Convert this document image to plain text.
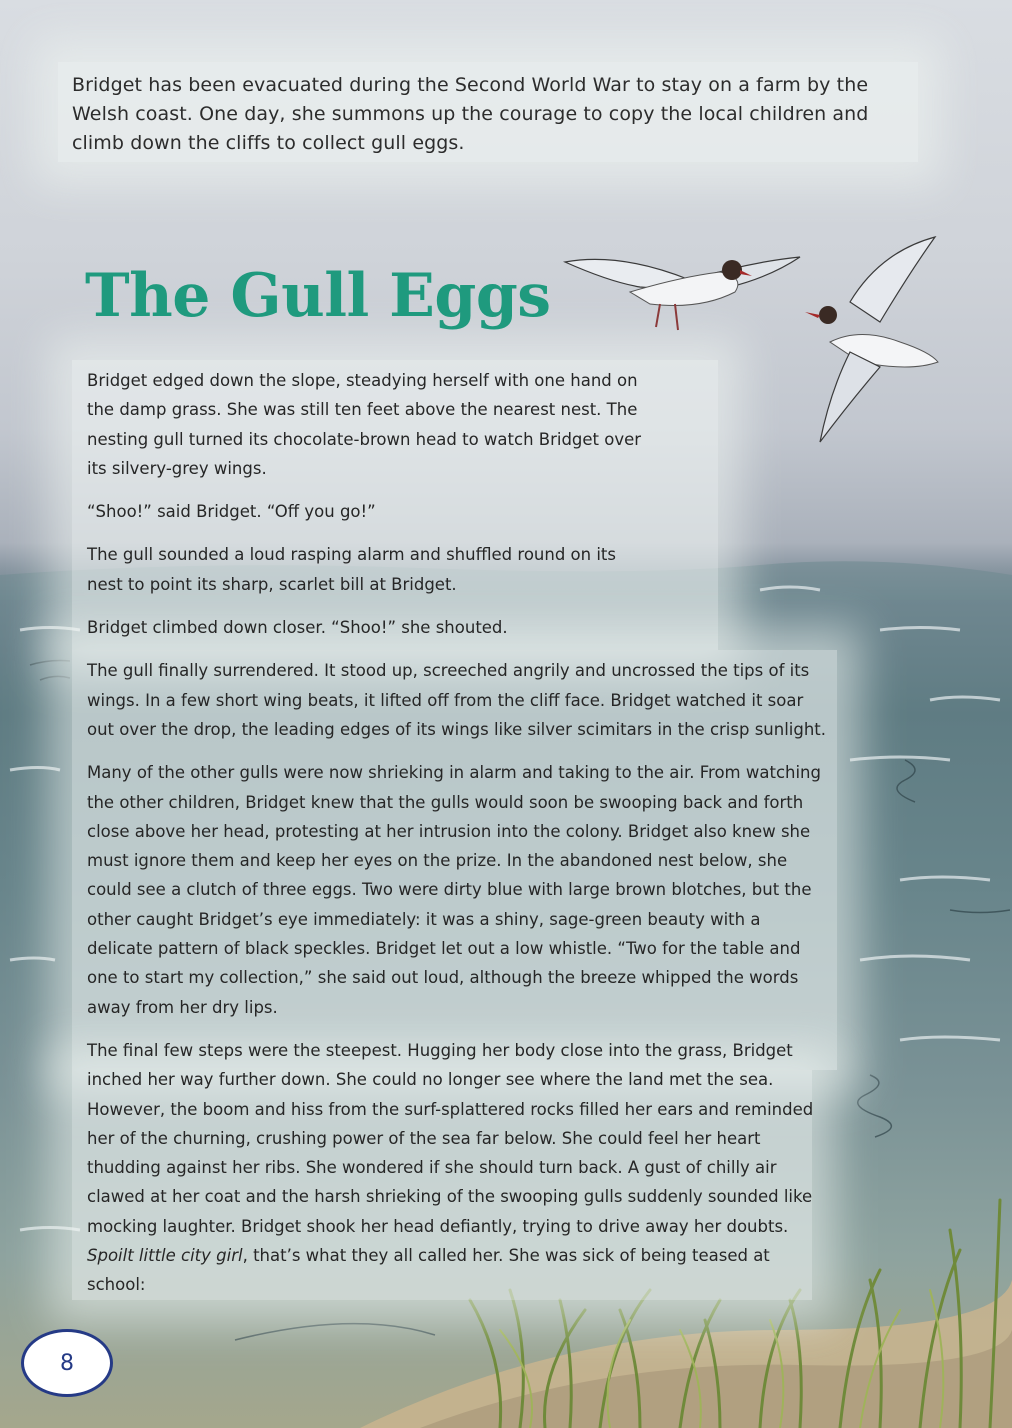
Bridget has been evacuated during the Second World War to stay on a farm by the Welsh coast. One day, she summons up the courage to copy the local children and climb down the cliffs to collect gull eggs.

The Gull Eggs

Bridget edged down the slope, steadying herself with one hand on the damp grass. She was still ten feet above the nearest nest. The nesting gull turned its chocolate-brown head to watch Bridget over its silvery-grey wings.

“Shoo!” said Bridget. “Off you go!”

The gull sounded a loud rasping alarm and shuffled round on its nest to point its sharp, scarlet bill at Bridget.

Bridget climbed down closer. “Shoo!” she shouted.

The gull finally surrendered. It stood up, screeched angrily and uncrossed the tips of its wings. In a few short wing beats, it lifted off from the cliff face. Bridget watched it soar out over the drop, the leading edges of its wings like silver scimitars in the crisp sunlight.

Many of the other gulls were now shrieking in alarm and taking to the air. From watching the other children, Bridget knew that the gulls would soon be swooping back and forth close above her head, protesting at her intrusion into the colony. Bridget also knew she must ignore them and keep her eyes on the prize. In the abandoned nest below, she could see a clutch of three eggs. Two were dirty blue with large brown blotches, but the other caught Bridget’s eye immediately: it was a shiny, sage-green beauty with a delicate pattern of black speckles. Bridget let out a low whistle. “Two for the table and one to start my collection,” she said out loud, although the breeze whipped the words away from her dry lips.

The final few steps were the steepest. Hugging her body close into the grass, Bridget inched her way further down. She could no longer see where the land met the sea. However, the boom and hiss from the surf-splattered rocks filled her ears and reminded her of the churning, crushing power of the sea far below. She could feel her heart thudding against her ribs. She wondered if she should turn back. A gust of chilly air clawed at her coat and the harsh shrieking of the swooping gulls suddenly sounded like mocking laughter. Bridget shook her head defiantly, trying to drive away her doubts. Spoilt little city girl, that’s what they all called her. She was sick of being teased at school:

8
